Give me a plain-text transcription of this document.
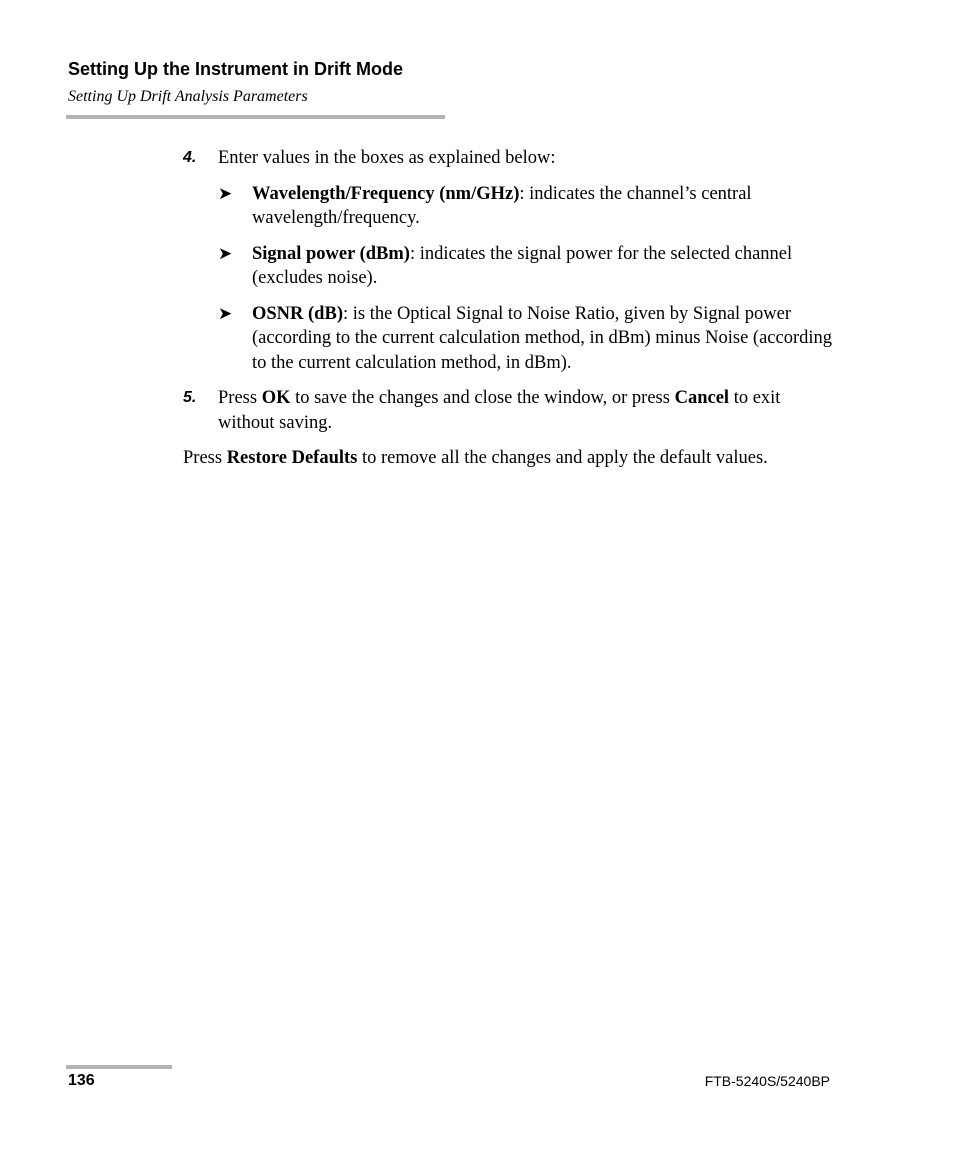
Setting Up the Instrument in Drift Mode
Setting Up Drift Analysis Parameters
4. Enter values in the boxes as explained below:
➤ Wavelength/Frequency (nm/GHz): indicates the channel’s central wavelength/frequency.
➤ Signal power (dBm): indicates the signal power for the selected channel (excludes noise).
➤ OSNR (dB): is the Optical Signal to Noise Ratio, given by Signal power (according to the current calculation method, in dBm) minus Noise (according to the current calculation method, in dBm).
5. Press OK to save the changes and close the window, or press Cancel to exit without saving.

Press Restore Defaults to remove all the changes and apply the default values.

136	FTB-5240S/5240BP
